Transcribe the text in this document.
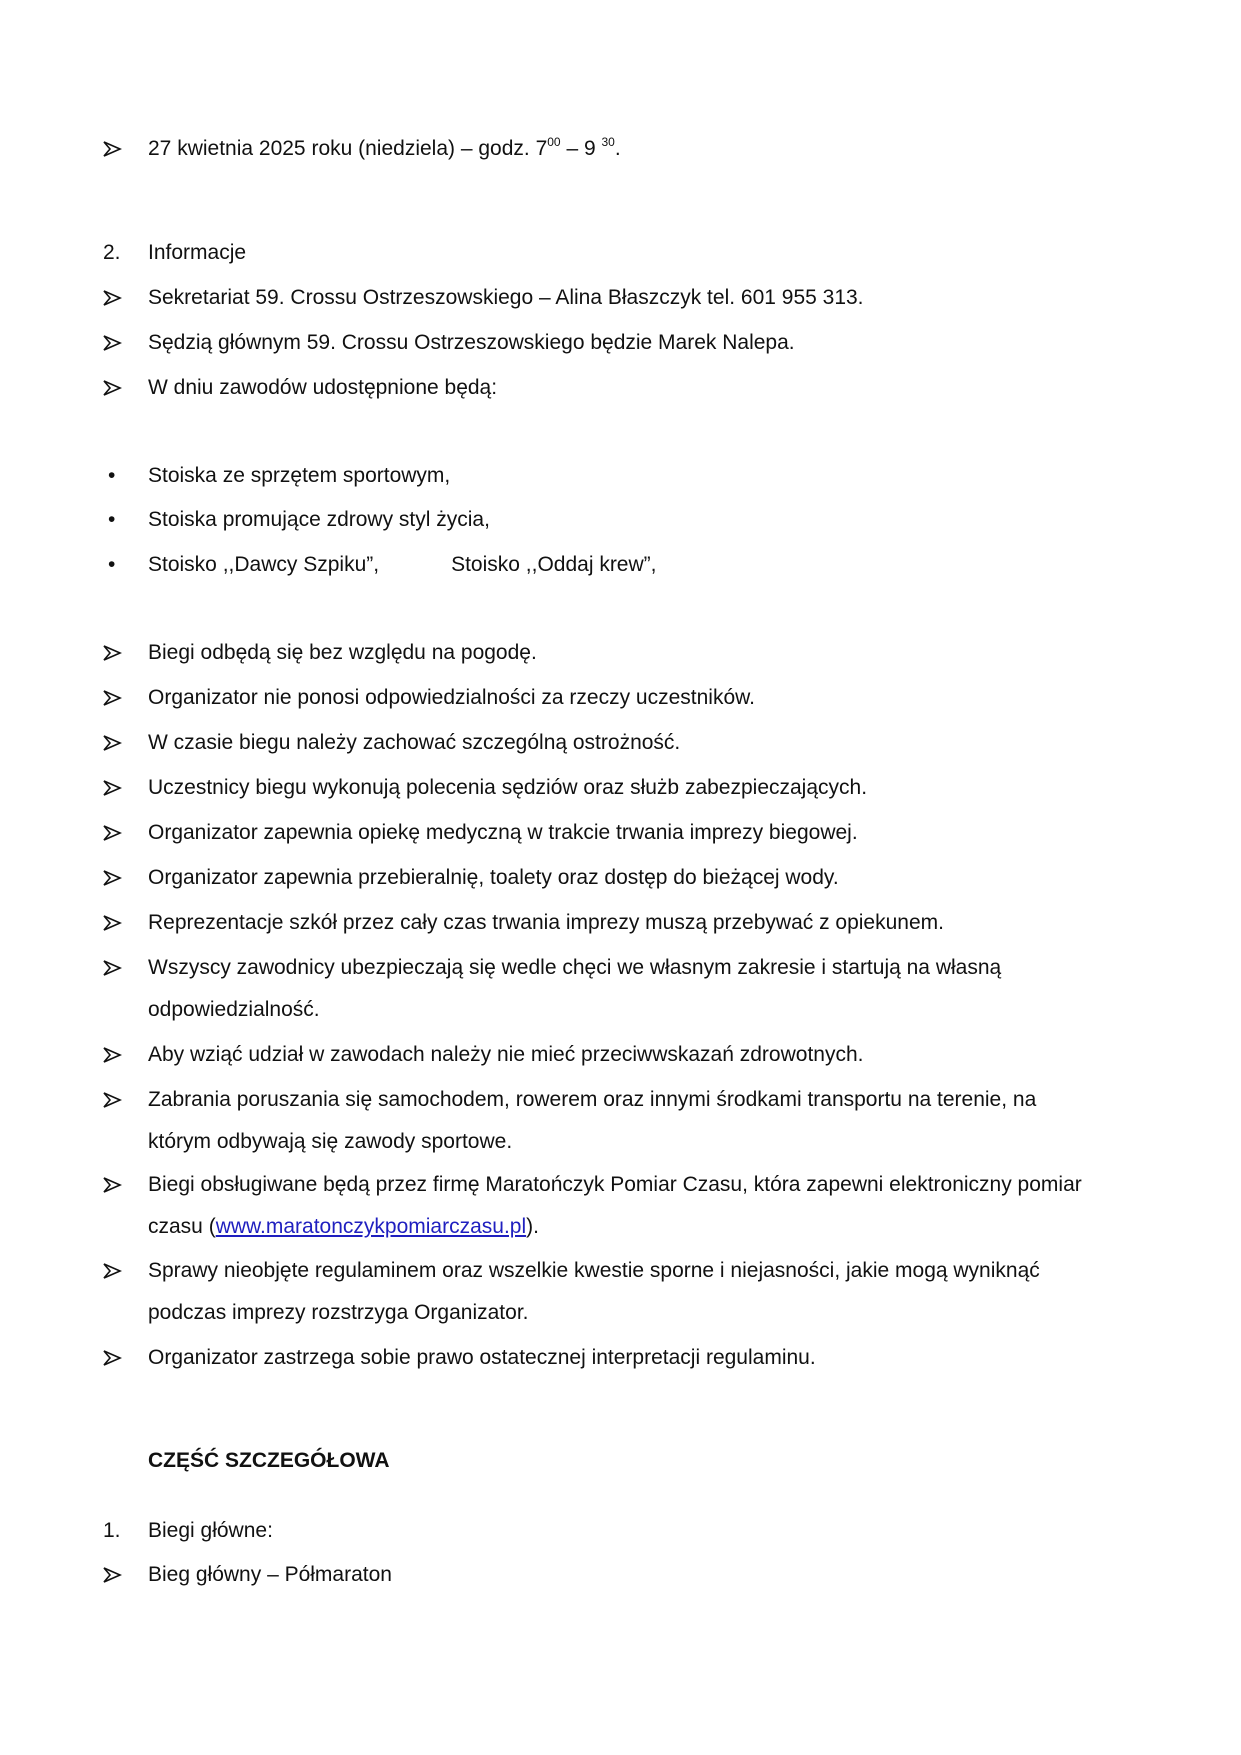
27 kwietnia 2025 roku (niedziela) – godz. $7^{00} - 9$ $^{30}$.
2.	Informacje
Sekretariat 59. Crossu Ostrzeszowskiego – Alina Błaszczyk tel. 601 955 313.
Sędzią głównym 59. Crossu Ostrzeszowskiego będzie Marek Nalepa.
W dniu zawodów udostępnione będą:
•	Stoiska ze sprzętem sportowym,
•	Stoiska promujące zdrowy styl życia,
•	Stoisko ,,Dawcy Szpiku”,	Stoisko ,,Oddaj krew”,
Biegi odbędą się bez względu na pogodę.
Organizator nie ponosi odpowiedzialności za rzeczy uczestników.
W czasie biegu należy zachować szczególną ostrożność.
Uczestnicy biegu wykonują polecenia sędziów oraz służb zabezpieczających.
Organizator zapewnia opiekę medyczną w trakcie trwania imprezy biegowej.
Organizator zapewnia przebieralnię, toalety oraz dostęp do bieżącej wody.
Reprezentacje szkół przez cały czas trwania imprezy muszą przebywać z opiekunem.
Wszyscy zawodnicy ubezpieczają się wedle chęci we własnym zakresie i startują na własną
odpowiedzialność.
Aby wziąć udział w zawodach należy nie mieć przeciwwskazań zdrowotnych.
Zabrania poruszania się samochodem, rowerem oraz innymi środkami transportu na terenie, na
którym odbywają się zawody sportowe.
Biegi obsługiwane będą przez firmę Maratończyk Pomiar Czasu, która zapewni elektroniczny pomiar
czasu (www.maratonczykpomiarczasu.pl).
Sprawy nieobjęte regulaminem oraz wszelkie kwestie sporne i niejasności, jakie mogą wyniknąć
podczas imprezy rozstrzyga Organizator.
Organizator zastrzega sobie prawo ostatecznej interpretacji regulaminu.
CZĘŚĆ SZCZEGÓŁOWA
1.	Biegi główne:
Bieg główny – Półmaraton
